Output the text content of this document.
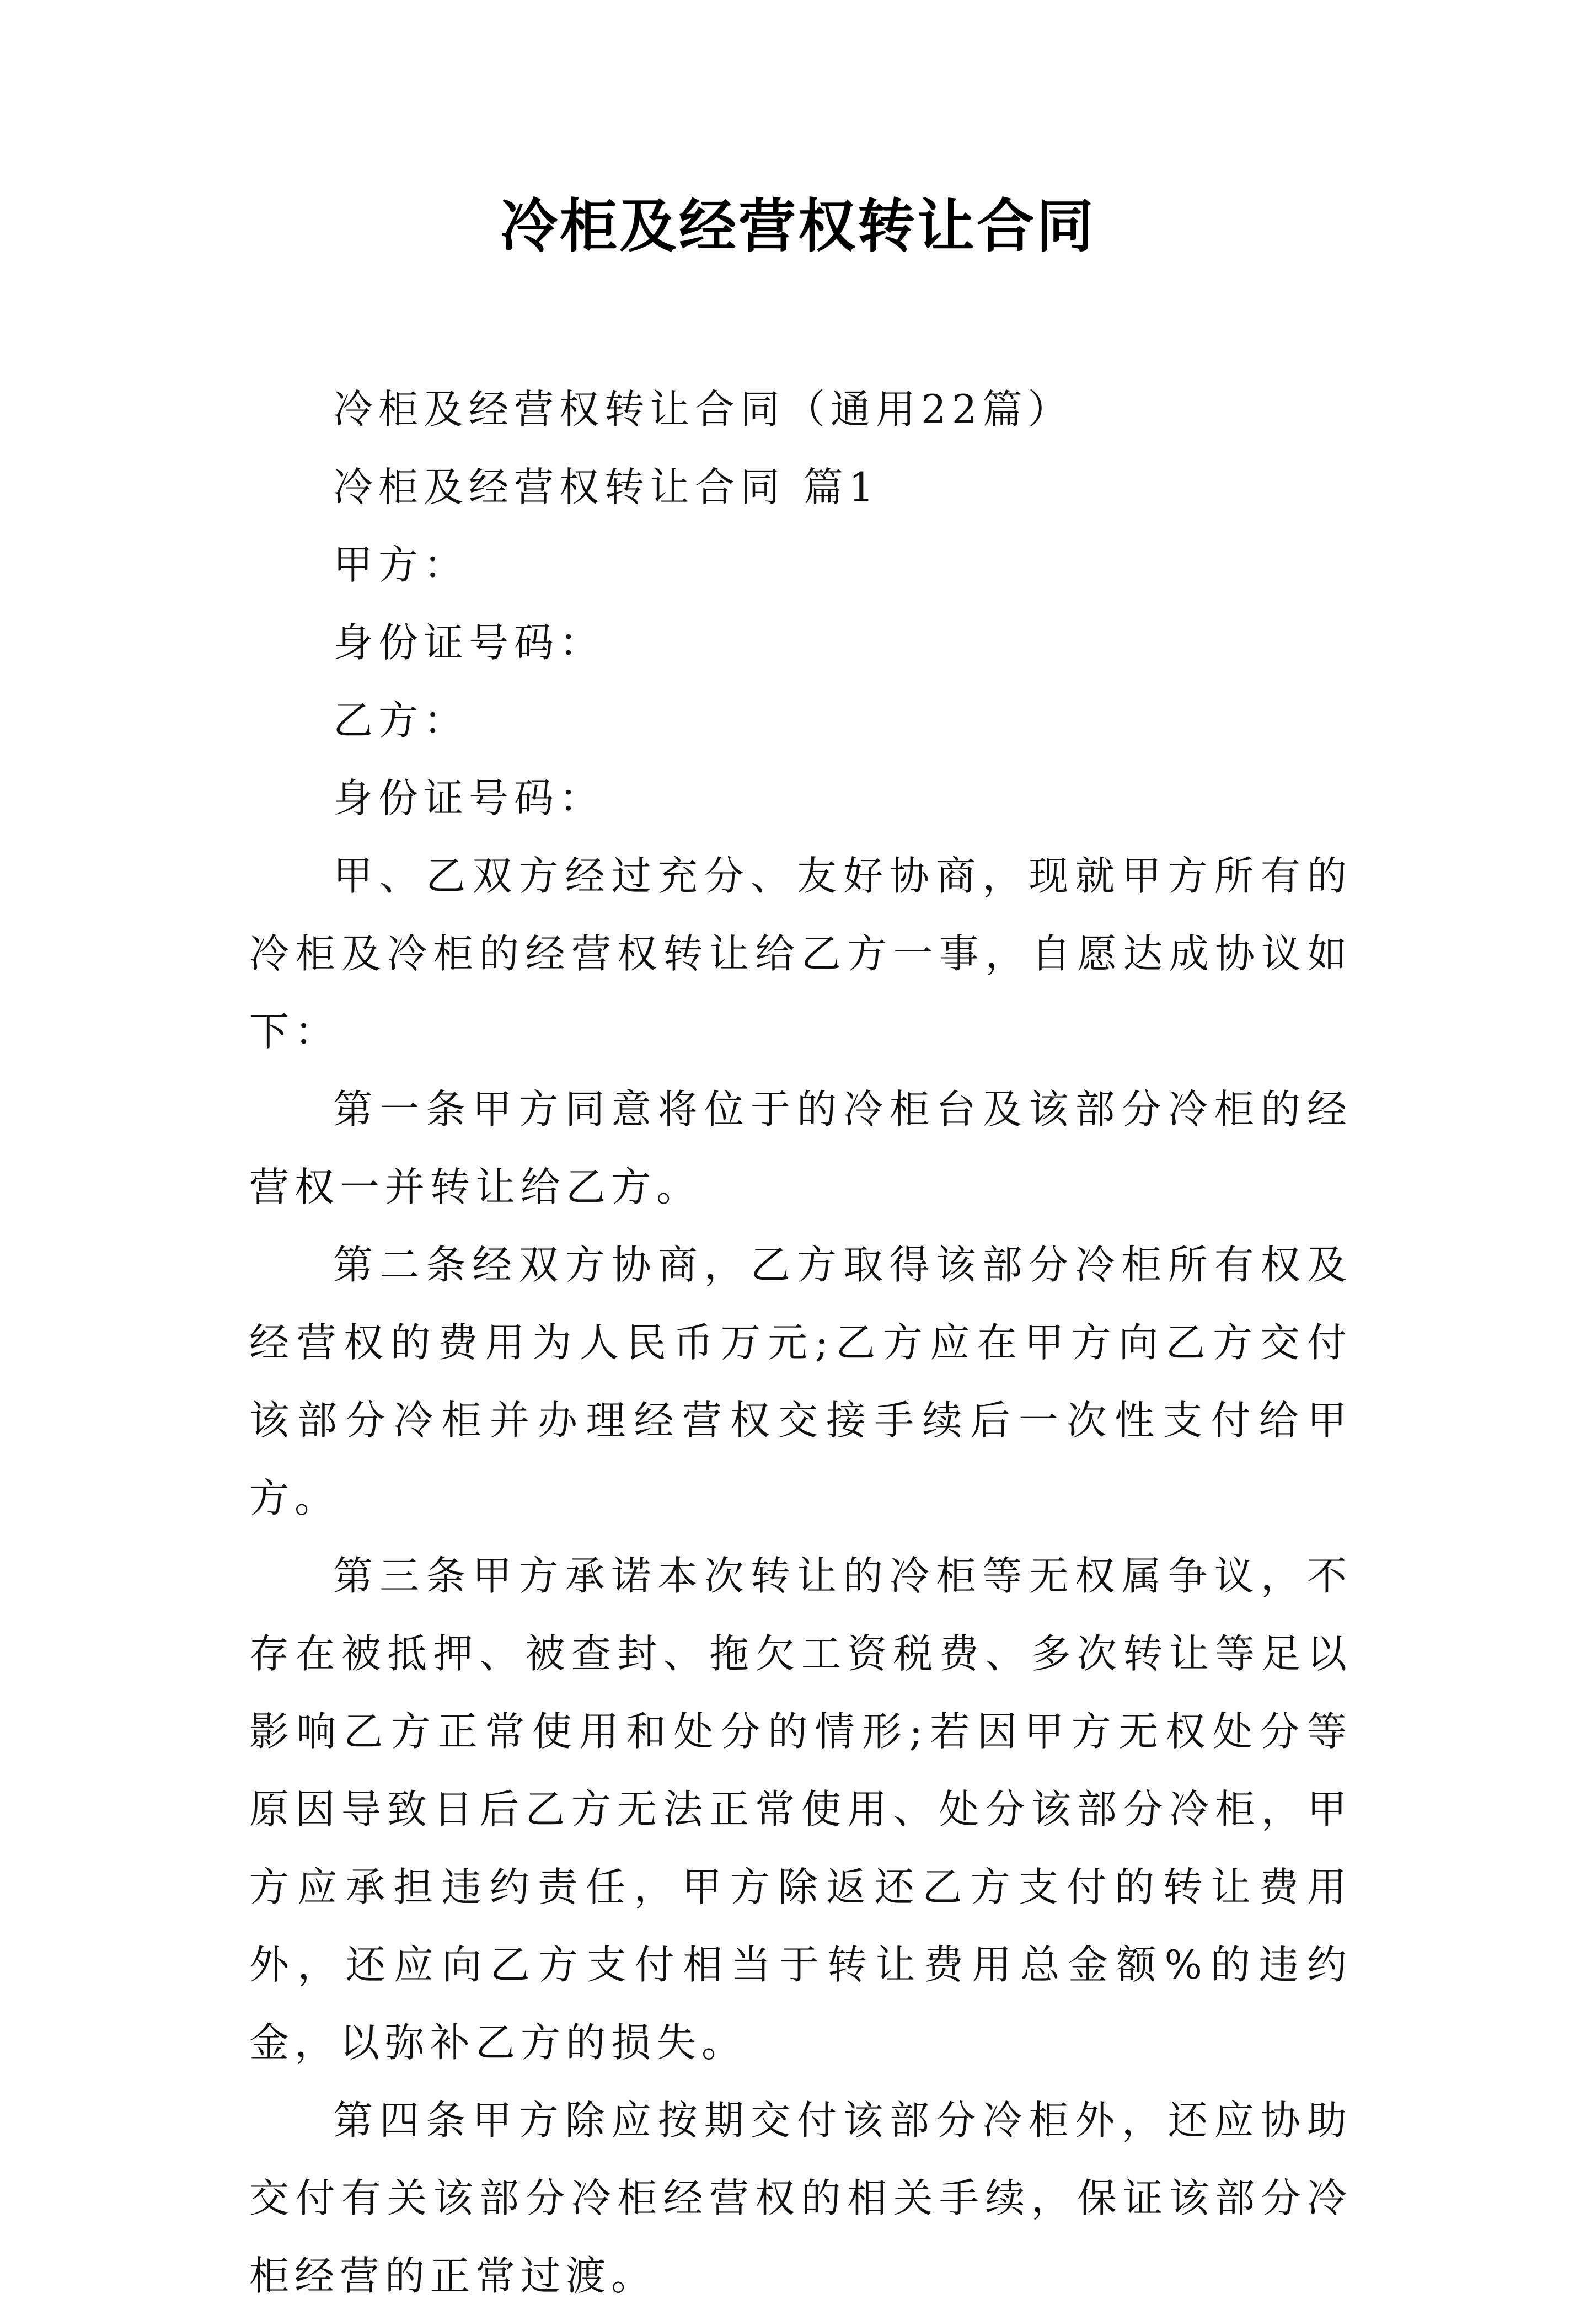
冷柜及经营权转让合同

冷柜及经营权转让合同（通用22篇）

冷柜及经营权转让合同 篇1

甲方：

身份证号码：

乙方：

身份证号码：

甲、乙双方经过充分、友好协商，现就甲方所有的冷柜及冷柜的经营权转让给乙方一事，自愿达成协议如下：

第一条甲方同意将位于的冷柜台及该部分冷柜的经营权一并转让给乙方。

第二条经双方协商，乙方取得该部分冷柜所有权及经营权的费用为人民币万元;乙方应在甲方向乙方交付该部分冷柜并办理经营权交接手续后一次性支付给甲方。

第三条甲方承诺本次转让的冷柜等无权属争议，不存在被抵押、被查封、拖欠工资税费、多次转让等足以影响乙方正常使用和处分的情形;若因甲方无权处分等原因导致日后乙方无法正常使用、处分该部分冷柜，甲方应承担违约责任，甲方除返还乙方支付的转让费用外，还应向乙方支付相当于转让费用总金额%的违约金，以弥补乙方的损失。

第四条甲方除应按期交付该部分冷柜外，还应协助交付有关该部分冷柜经营权的相关手续，保证该部分冷柜经营的正常过渡。
